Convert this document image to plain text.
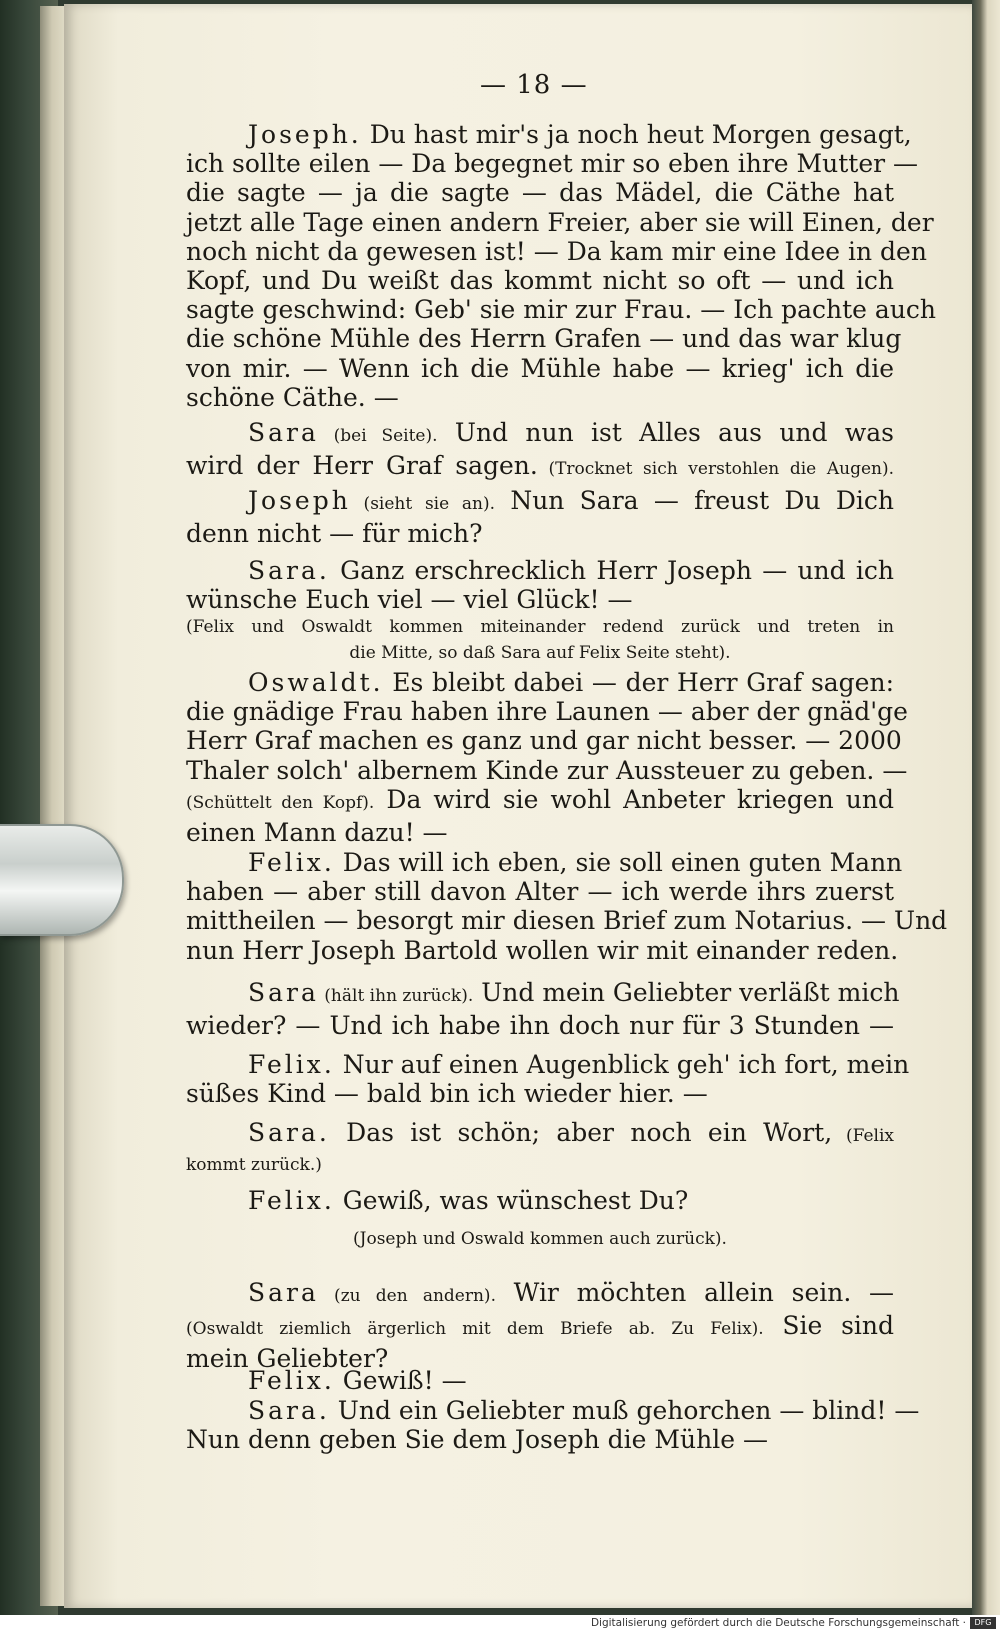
— 18 —
Joseph. Du hast mir's ja noch heut Morgen gesagt,
ich sollte eilen — Da begegnet mir so eben ihre Mutter —
die sagte — ja die sagte — das Mädel, die Cäthe hat
jetzt alle Tage einen andern Freier, aber sie will Einen, der
noch nicht da gewesen ist! — Da kam mir eine Idee in den
Kopf, und Du weißt das kommt nicht so oft — und ich
sagte geschwind: Geb' sie mir zur Frau. — Ich pachte auch
die schöne Mühle des Herrn Grafen — und das war klug
von mir. — Wenn ich die Mühle habe — krieg' ich die
schöne Cäthe. —
Sara (bei Seite). Und nun ist Alles aus und was
wird der Herr Graf sagen. (Trocknet sich verstohlen die Augen).
Joseph (sieht sie an). Nun Sara — freust Du Dich
denn nicht — für mich?
Sara. Ganz erschrecklich Herr Joseph — und ich
wünsche Euch viel — viel Glück! —
(Felix und Oswaldt kommen miteinander redend zurück und treten in
die Mitte, so daß Sara auf Felix Seite steht).
Oswaldt. Es bleibt dabei — der Herr Graf sagen:
die gnädige Frau haben ihre Launen — aber der gnäd'ge
Herr Graf machen es ganz und gar nicht besser. — 2000
Thaler solch' albernem Kinde zur Aussteuer zu geben. —
(Schüttelt den Kopf). Da wird sie wohl Anbeter kriegen und
einen Mann dazu! —
Felix. Das will ich eben, sie soll einen guten Mann
haben — aber still davon Alter — ich werde ihrs zuerst
mittheilen — besorgt mir diesen Brief zum Notarius. — Und
nun Herr Joseph Bartold wollen wir mit einander reden.
Sara (hält ihn zurück). Und mein Geliebter verläßt mich
wieder? — Und ich habe ihn doch nur für 3 Stunden —
Felix. Nur auf einen Augenblick geh' ich fort, mein
süßes Kind — bald bin ich wieder hier. —
Sara. Das ist schön; aber noch ein Wort, (Felix
kommt zurück.)
Felix. Gewiß, was wünschest Du?
(Joseph und Oswald kommen auch zurück).
Sara (zu den andern). Wir möchten allein sein. —
(Oswaldt ziemlich ärgerlich mit dem Briefe ab. Zu Felix). Sie sind
mein Geliebter?
Felix. Gewiß! —
Sara. Und ein Geliebter muß gehorchen — blind! —
Nun denn geben Sie dem Joseph die Mühle —
Digitalisierung gefördert durch die Deutsche Forschungsgemeinschaft ·	DFG
